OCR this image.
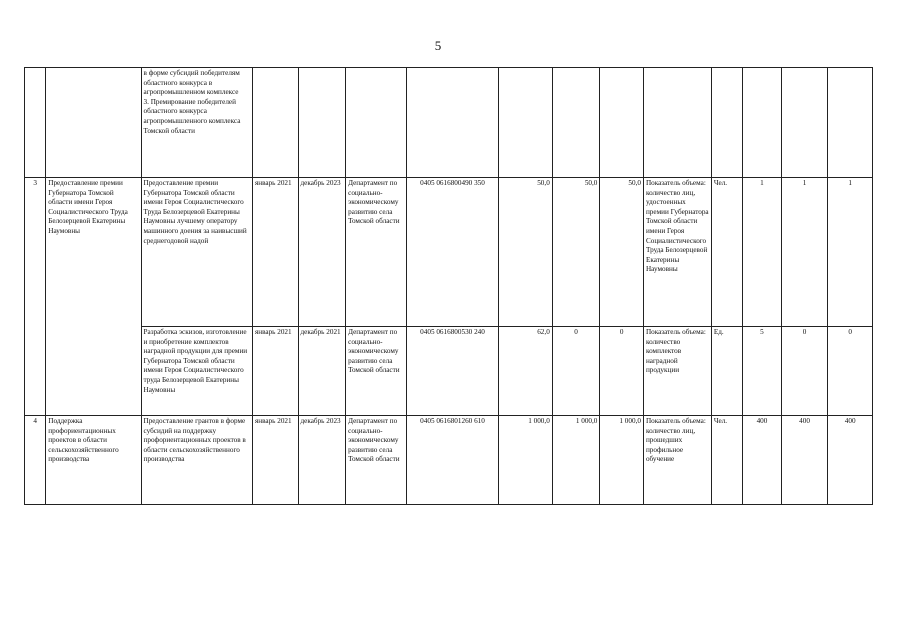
5
		в форме субсидий победителям областного конкурса в агропромышленном комплексе
3. Премирование победителей областного конкурса агропромышленного комплекса Томской области												
3	Предоставление премии Губернатора Томской области имени Героя Социалистического Труда Белозерцевой Екатерины Наумовны	Предоставление премии Губернатора Томской области имени Героя Социалистического Труда Белозерцевой Екатерины Наумовны лучшему оператору машинного доения за наивысший среднегодовой надой	январь 2021	декабрь 2023	Департамент по социально-экономическому развитию села Томской области	0405 0616800490 350	50,0	50,0	50,0	Показатель объема: количество лиц, удостоенных премии Губернатора Томской области имени Героя Социалистического Труда Белозерцевой Екатерины Наумовны	Чел.	1	1	1
		Разработка эскизов, изготовление и приобретение комплектов наградной продукции для премии Губернатора Томской области имени Героя Социалистического труда Белозерцевой Екатерины Наумовны	январь 2021	декабрь 2021	Департамент по социально-экономическому развитию села Томской области	0405 0616800530 240	62,0	0	0	Показатель объема: количество комплектов наградной продукции	Ед.	5	0	0
4	Поддержка профориентационных проектов в области сельскохозяйственного производства	Предоставление грантов в форме субсидий на поддержку профориентационных проектов в области сельскохозяйственного производства	январь 2021	декабрь 2023	Департамент по социально-экономическому развитию села Томской области	0405 0616801260 610	1 000,0	1 000,0	1 000,0	Показатель объема: количество лиц, прошедших профильное обучение	Чел.	400	400	400
